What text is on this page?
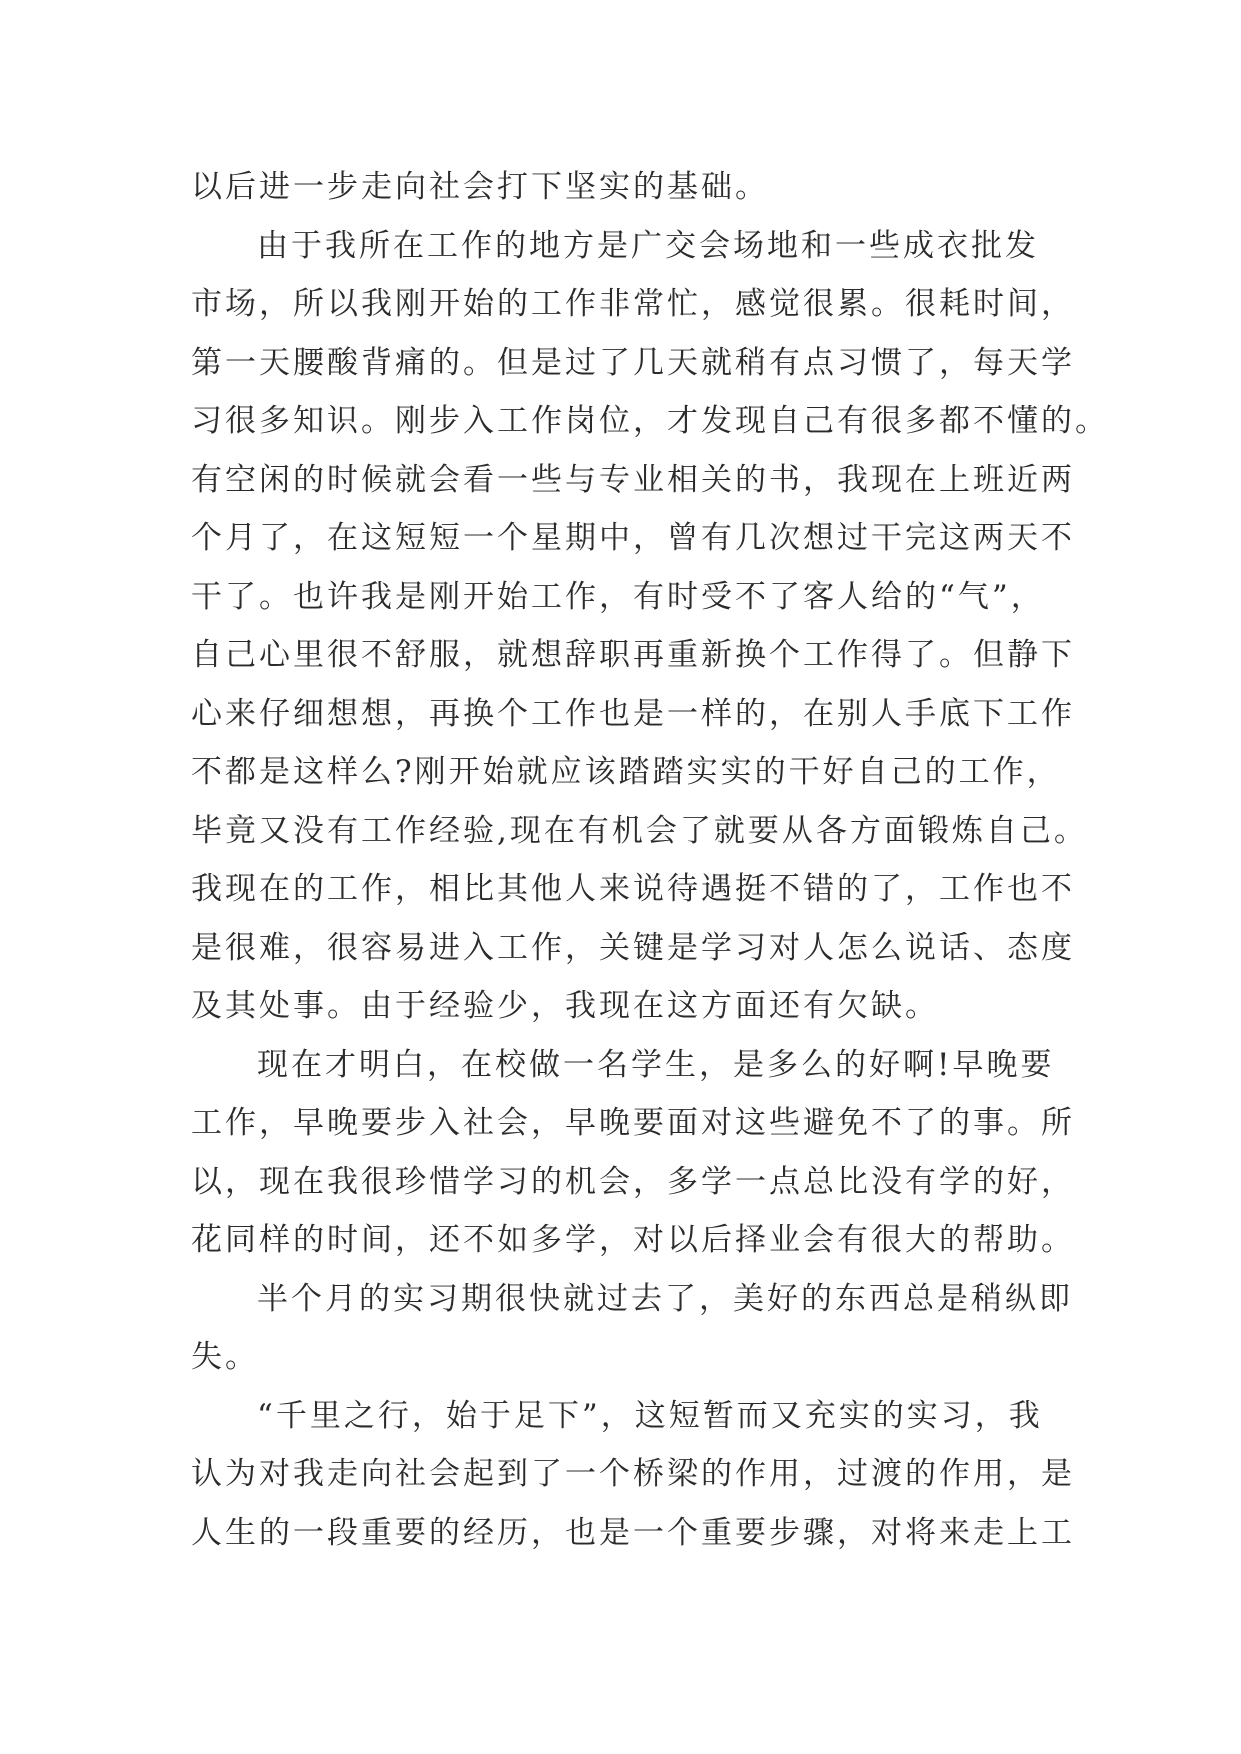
以后进一步走向社会打下坚实的基础。
由于我所在工作的地方是广交会场地和一些成衣批发
市场，所以我刚开始的工作非常忙，感觉很累。很耗时间，
第一天腰酸背痛的。但是过了几天就稍有点习惯了，每天学
习很多知识。刚步入工作岗位，才发现自己有很多都不懂的。
有空闲的时候就会看一些与专业相关的书，我现在上班近两
个月了，在这短短一个星期中，曾有几次想过干完这两天不
干了。也许我是刚开始工作，有时受不了客人给的“气”，
自己心里很不舒服，就想辞职再重新换个工作得了。但静下
心来仔细想想，再换个工作也是一样的，在别人手底下工作
不都是这样么?刚开始就应该踏踏实实的干好自己的工作，
毕竟又没有工作经验,现在有机会了就要从各方面锻炼自己。
我现在的工作，相比其他人来说待遇挺不错的了，工作也不
是很难，很容易进入工作，关键是学习对人怎么说话、态度
及其处事。由于经验少，我现在这方面还有欠缺。
现在才明白，在校做一名学生，是多么的好啊!早晚要
工作，早晚要步入社会，早晚要面对这些避免不了的事。所
以，现在我很珍惜学习的机会，多学一点总比没有学的好，
花同样的时间，还不如多学，对以后择业会有很大的帮助。
半个月的实习期很快就过去了，美好的东西总是稍纵即
失。
“千里之行，始于足下”，这短暂而又充实的实习，我
认为对我走向社会起到了一个桥梁的作用，过渡的作用，是
人生的一段重要的经历，也是一个重要步骤，对将来走上工
